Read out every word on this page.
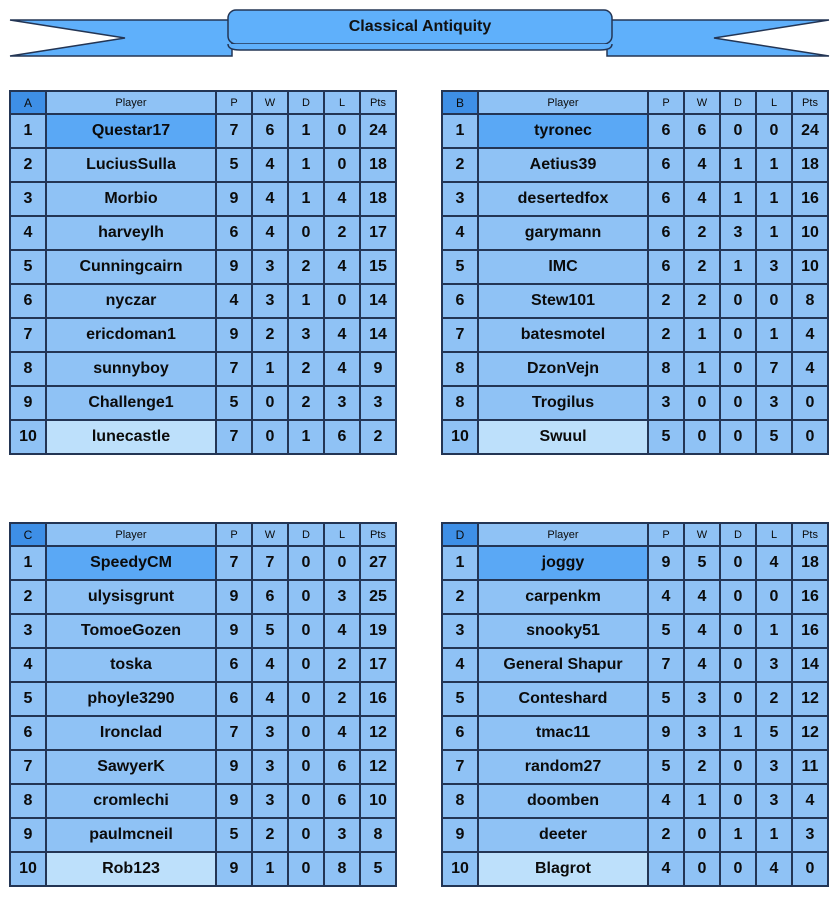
Classical Antiquity
A	Player	P	W	D	L	Pts
1	Questar17	7	6	1	0	24
2	LuciusSulla	5	4	1	0	18
3	Morbio	9	4	1	4	18
4	harveylh	6	4	0	2	17
5	Cunningcairn	9	3	2	4	15
6	nyczar	4	3	1	0	14
7	ericdoman1	9	2	3	4	14
8	sunnyboy	7	1	2	4	9
9	Challenge1	5	0	2	3	3
10	lunecastle	7	0	1	6	2
B	Player	P	W	D	L	Pts
1	tyronec	6	6	0	0	24
2	Aetius39	6	4	1	1	18
3	desertedfox	6	4	1	1	16
4	garymann	6	2	3	1	10
5	IMC	6	2	1	3	10
6	Stew101	2	2	0	0	8
7	batesmotel	2	1	0	1	4
8	DzonVejn	8	1	0	7	4
8	Trogilus	3	0	0	3	0
10	Swuul	5	0	0	5	0
C	Player	P	W	D	L	Pts
1	SpeedyCM	7	7	0	0	27
2	ulysisgrunt	9	6	0	3	25
3	TomoeGozen	9	5	0	4	19
4	toska	6	4	0	2	17
5	phoyle3290	6	4	0	2	16
6	Ironclad	7	3	0	4	12
7	SawyerK	9	3	0	6	12
8	cromlechi	9	3	0	6	10
9	paulmcneil	5	2	0	3	8
10	Rob123	9	1	0	8	5
D	Player	P	W	D	L	Pts
1	joggy	9	5	0	4	18
2	carpenkm	4	4	0	0	16
3	snooky51	5	4	0	1	16
4	General Shapur	7	4	0	3	14
5	Conteshard	5	3	0	2	12
6	tmac11	9	3	1	5	12
7	random27	5	2	0	3	11
8	doomben	4	1	0	3	4
9	deeter	2	0	1	1	3
10	Blagrot	4	0	0	4	0
